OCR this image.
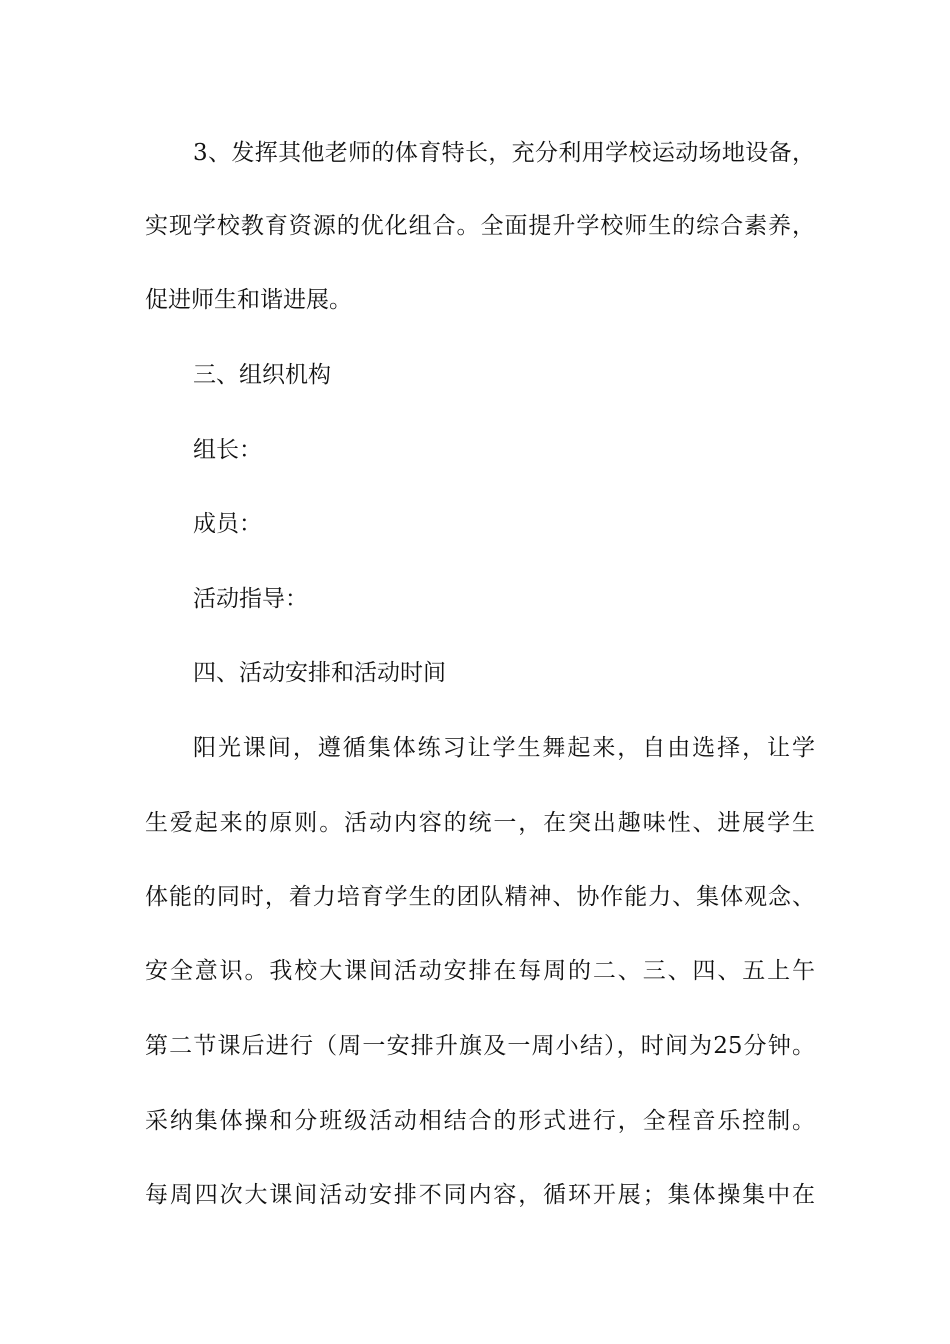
3、发挥其他老师的体育特长，充分利用学校运动场地设备，
实现学校教育资源的优化组合。全面提升学校师生的综合素养，
促进师生和谐进展。
三、组织机构
组长：
成员：
活动指导：
四、活动安排和活动时间
阳光课间，遵循集体练习让学生舞起来，自由选择，让学
生爱起来的原则。活动内容的统一，在突出趣味性、进展学生
体能的同时，着力培育学生的团队精神、协作能力、集体观念、
安全意识。我校大课间活动安排在每周的二、三、四、五上午
第二节课后进行（周一安排升旗及一周小结），时间为25分钟。
采纳集体操和分班级活动相结合的形式进行，全程音乐控制。
每周四次大课间活动安排不同内容，循环开展；集体操集中在
